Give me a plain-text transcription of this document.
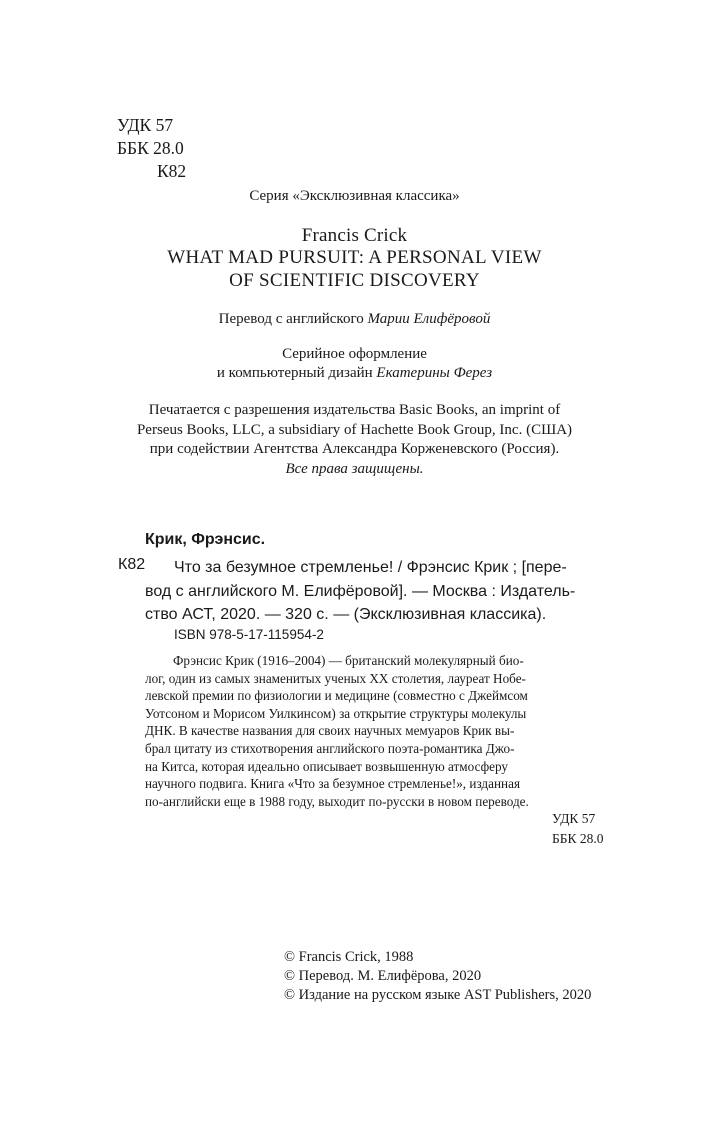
УДК 57
ББК 28.0
К82
Серия «Эксклюзивная классика»
Francis Crick
WHAT MAD PURSUIT: A PERSONAL VIEW
OF SCIENTIFIC DISCOVERY
Перевод с английского Марии Елифёровой
Серийное оформление
и компьютерный дизайн Екатерины Ферез
Печатается с разрешения издательства Basic Books, an imprint of
Perseus Books, LLC, a subsidiary of Hachette Book Group, Inc. (США)
при содействии Агентства Александра Корженевского (Россия).
Все права защищены.
Крик, Фрэнсис.
К82	Что за безумное стремленье! / Фрэнсис Крик ; [пере-
вод с английского М. Елифёровой]. — Москва : Издатель-
ство АСТ, 2020. — 320 с. — (Эксклюзивная классика).
ISBN 978-5-17-115954-2
Фрэнсис Крик (1916–2004) — британский молекулярный био-
лог, один из самых знаменитых ученых XX столетия, лауреат Нобе-
левской премии по физиологии и медицине (совместно с Джеймсом
Уотсоном и Морисом Уилкинсом) за открытие структуры молекулы
ДНК. В качестве названия для своих научных мемуаров Крик вы-
брал цитату из стихотворения английского поэта-романтика Джо-
на Китса, которая идеально описывает возвышенную атмосферу
научного подвига. Книга «Что за безумное стремленье!», изданная
по-английски еще в 1988 году, выходит по-русски в новом переводе.
УДК 57
ББК 28.0
© Francis Crick, 1988
© Перевод. М. Елифёрова, 2020
© Издание на русском языке AST Publishers, 2020
